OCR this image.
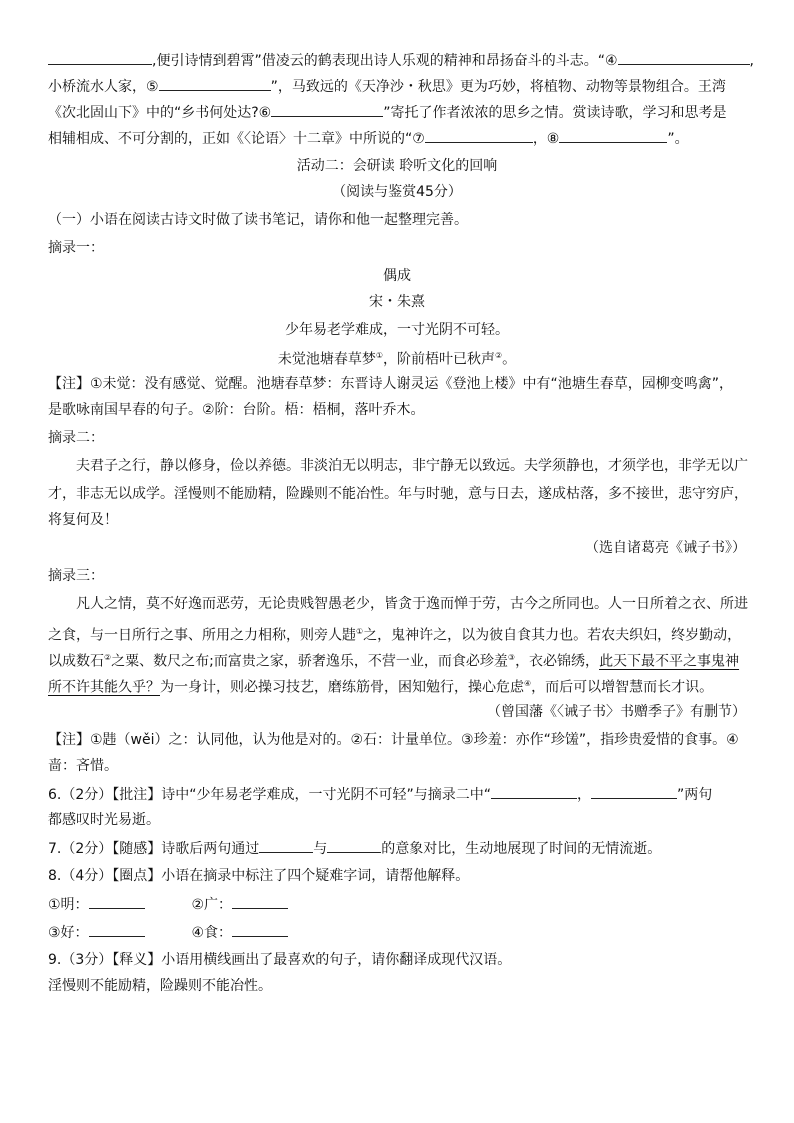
,便引诗情到碧霄”借凌云的鹤表现出诗人乐观的精神和昂扬奋斗的斗志。“④	,
小桥流水人家，⑤	”，马致远的《天净沙・秋思》更为巧妙，将植物、动物等景物组合。王湾
《次北固山下》中的“乡书何处达?⑥	”寄托了作者浓浓的思乡之情。赏读诗歌，学习和思考是
相辅相成、不可分割的，正如《〈论语〉十二章》中所说的“⑦	，⑧	”。
活动二：会研读 聆听文化的回响
（阅读与鉴赏45分）
（一）小语在阅读古诗文时做了读书笔记，请你和他一起整理完善。
摘录一：
偶成
宋・朱熹
少年易老学难成，一寸光阴不可轻。
未觉池塘春草梦①，阶前梧叶已秋声②。
【注】①未觉：没有感觉、觉醒。池塘春草梦：东晋诗人谢灵运《登池上楼》中有“池塘生春草，园柳变鸣禽”，
是歌咏南国早春的句子。②阶：台阶。梧：梧桐，落叶乔木。
摘录二：
夫君子之行，静以修身，俭以养德。非淡泊无以明志，非宁静无以致远。夫学须静也，才须学也，非学无以广
才，非志无以成学。淫慢则不能励精，险躁则不能冶性。年与时驰，意与日去，遂成枯落，多不接世，悲守穷庐，
将复何及！
（选自诸葛亮《诫子书》）
摘录三：
凡人之情，莫不好逸而恶劳，无论贵贱智愚老少，皆贪于逸而惮于劳，古今之所同也。人一日所着之衣、所进
之食，与一日所行之事、所用之力相称，则旁人韪①之，鬼神许之，以为彼自食其力也。若农夫织妇，终岁勤动，
以成数石②之粟、数尺之布;而富贵之家，骄奢逸乐，不营一业，而食必珍羞③，衣必锦绣，此天下最不平之事鬼神
所不许其能久乎？为一身计，则必操习技艺，磨练筋骨，困知勉行，操心危虑④，而后可以增智慧而长才识。
（曾国藩《〈诫子书〉书赠季子》有删节）
【注】①韪（wěi）之：认同他，认为他是对的。②石：计量单位。③珍羞：亦作“珍馐”，指珍贵爱惜的食事。④
啬：吝惜。
6.（2分）【批注】诗中“少年易老学难成，一寸光阴不可轻”与摘录二中“	，	”两句
都感叹时光易逝。
7.（2分）【随感】诗歌后两句通过	与	的意象对比，生动地展现了时间的无情流逝。
8.（4分）【圈点】小语在摘录中标注了四个疑难字词，请帮他解释。
①明：	②广：
③好：	④食：
9.（3分）【释义】小语用横线画出了最喜欢的句子，请你翻译成现代汉语。
淫慢则不能励精，险躁则不能冶性。
